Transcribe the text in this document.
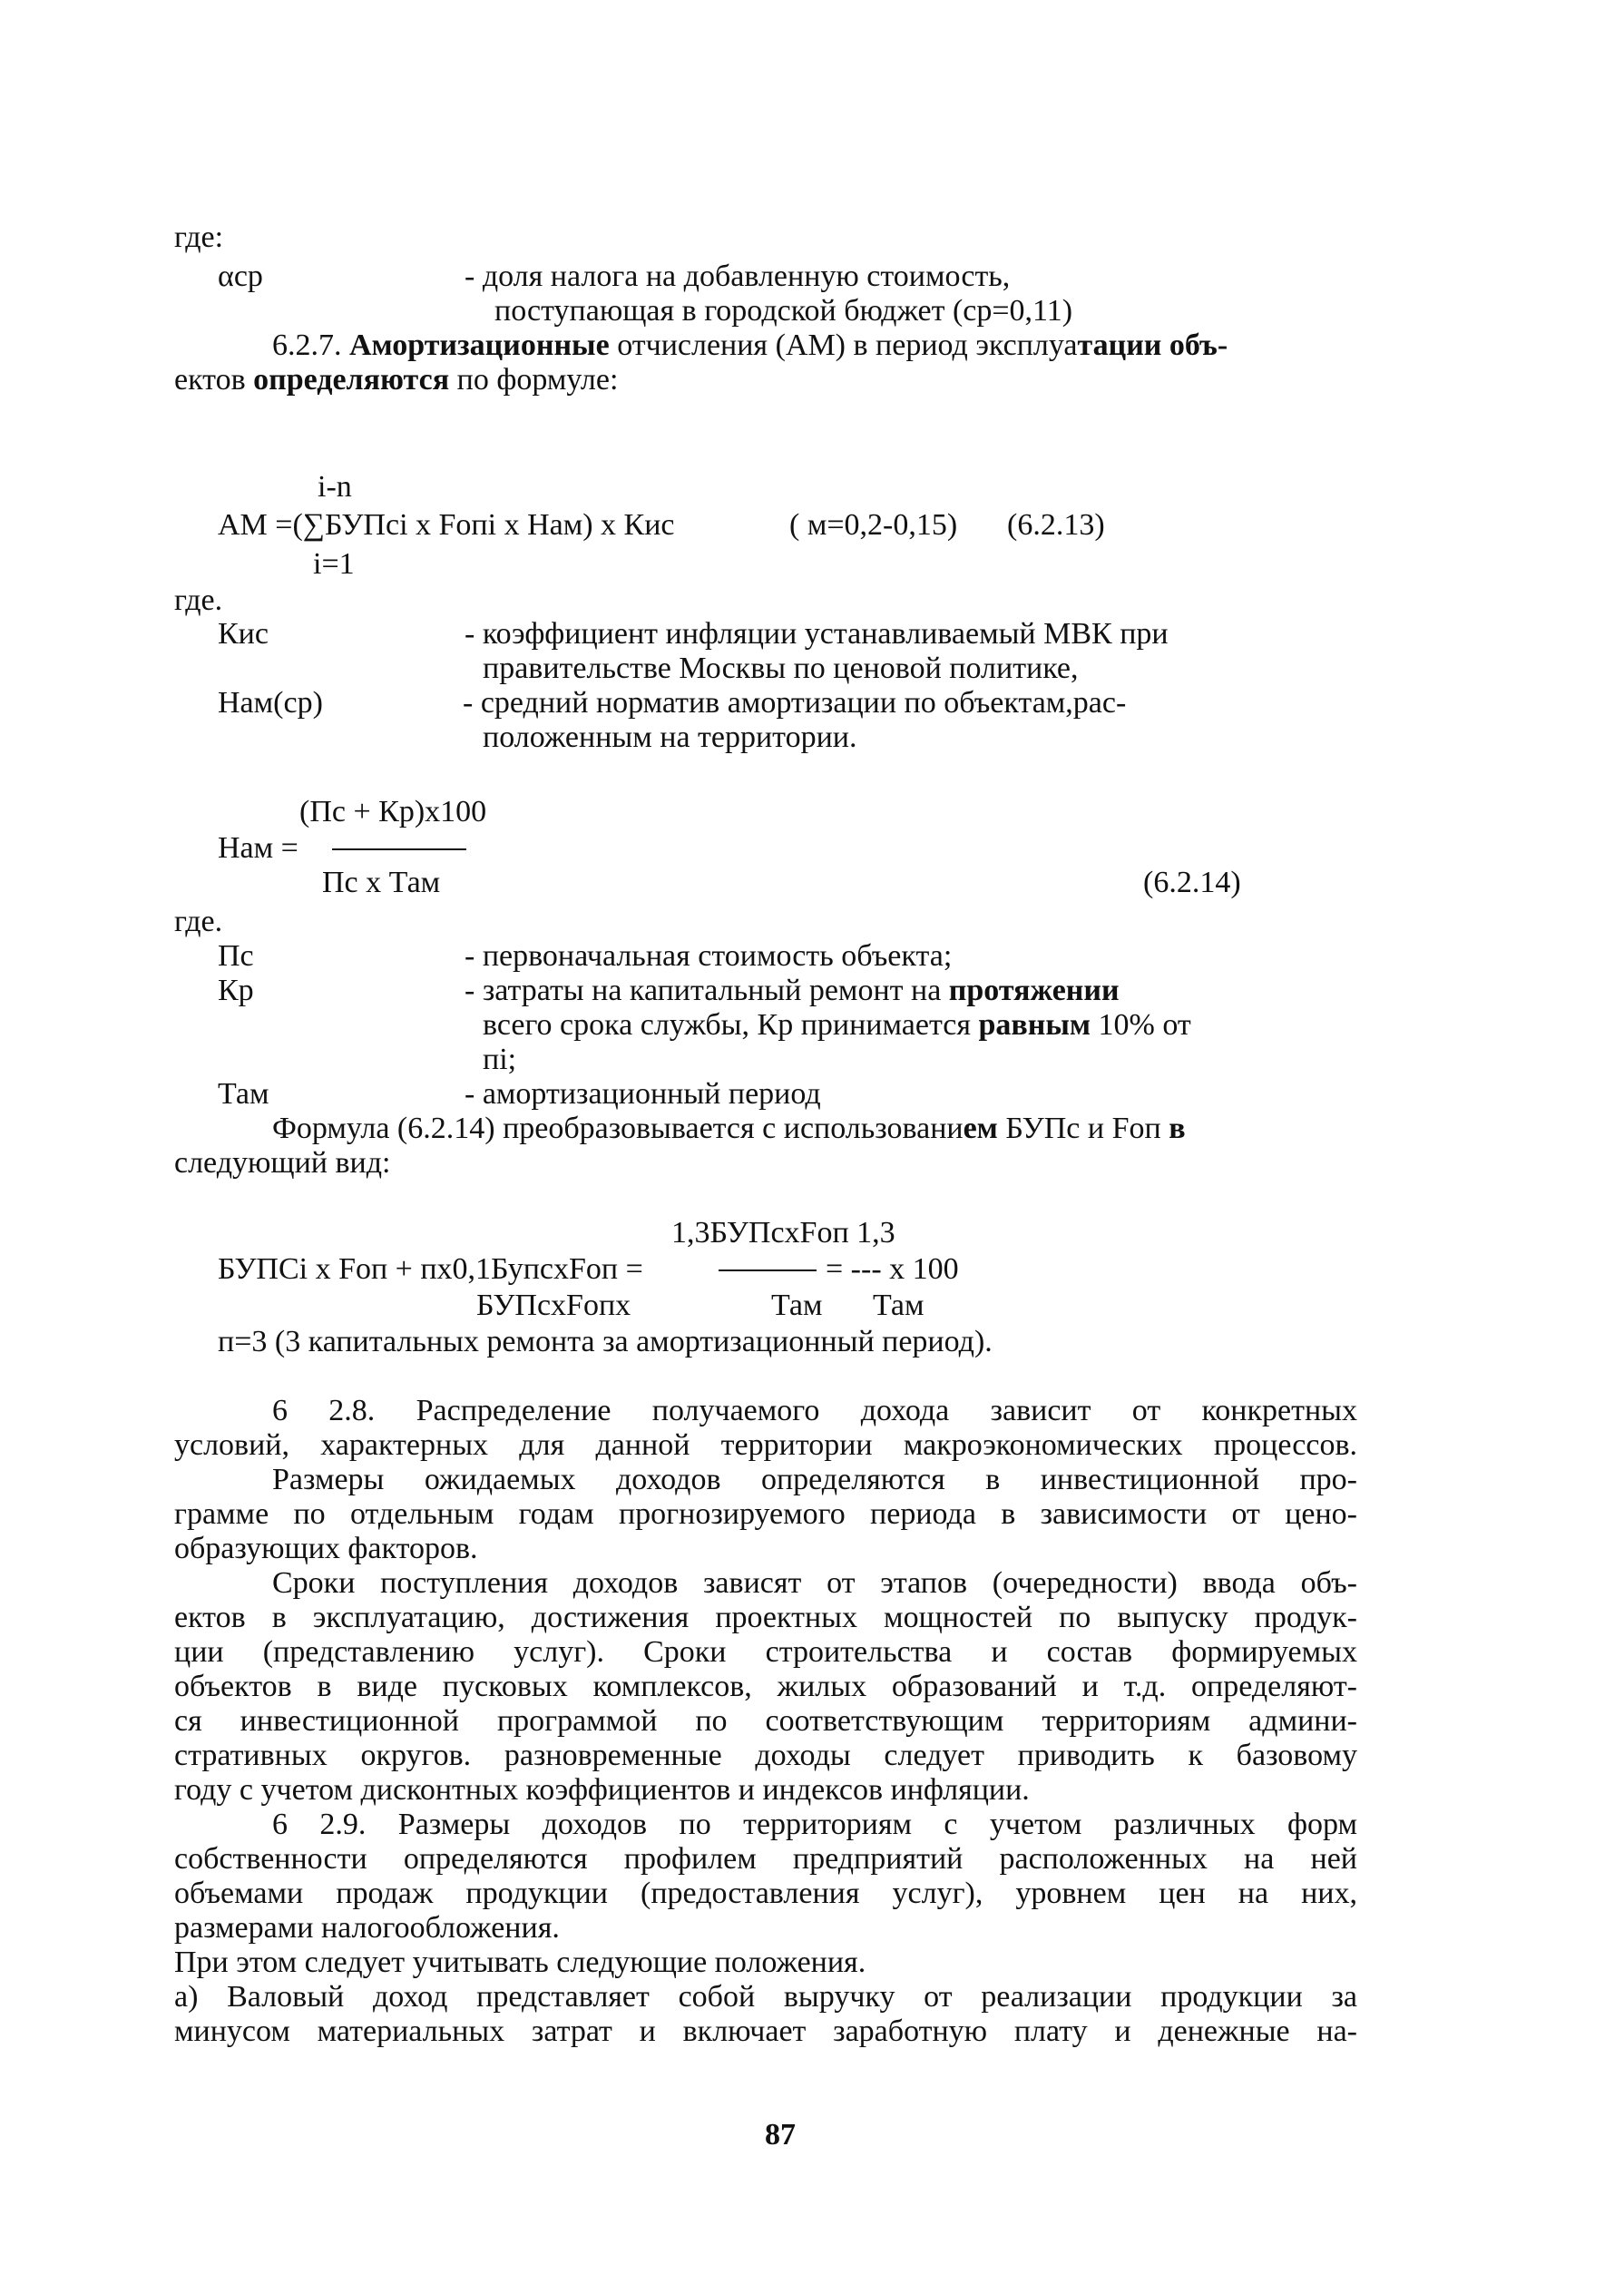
где:
αср	- доля налога на добавленную стоимость,
поступающая в городской бюджет (ср=0,11)
6.2.7. Амортизационные отчисления (АМ) в период эксплуатации объ-
ектов определяются по формуле:
i-n
АМ =(∑БУПсi x Fопi x Нам) x Кис	( м=0,2-0,15) (6.2.13)
i=1
где.
Кис	- коэффициент инфляции устанавливаемый МВК при
правительстве Москвы по ценовой политике,
Нам(ср)	- средний норматив амортизации по объектам,рас-
положенным на территории.
(Пс + Кр)x100
Нам =
Пс x Там	(6.2.14)
где.
Пс	- первоначальная стоимость объекта;
Кр	- затраты на капитальный ремонт на протяжении
всего срока службы, Кр принимается равным 10% от
пi;
Там	- амортизационный период
Формула (6.2.14) преобразовывается с использованием БУПс и Fоп в
следующий вид:
1,3БУПсxFоп 1,3
БУПСi x Fоп + пx0,1БупсxFоп =	= --- x 100
БУПсxFопx	Там Там
п=3 (3 капитальных ремонта за амортизационный период).
6 2.8. Распределение получаемого дохода зависит от конкретных
условий, характерных для данной территории макроэкономических процессов.
Размеры ожидаемых доходов определяются в инвестиционной про-
грамме по отдельным годам прогнозируемого периода в зависимости от цено-
образующих факторов.
Сроки поступления доходов зависят от этапов (очередности) ввода объ-
ектов в эксплуатацию, достижения проектных мощностей по выпуску продук-
ции (представлению услуг). Сроки строительства и состав формируемых
объектов в виде пусковых комплексов, жилых образований и т.д. определяют-
ся инвестиционной программой по соответствующим территориям админи-
стративных округов. разновременные доходы следует приводить к базовому
году с учетом дисконтных коэффициентов и индексов инфляции.
6 2.9. Размеры доходов по территориям с учетом различных форм
собственности определяются профилем предприятий расположенных на ней
объемами продаж продукции (предоставления услуг), уровнем цен на них,
размерами налогообложения.
При этом следует учитывать следующие положения.
а) Валовый доход представляет собой выручку от реализации продукции за
минусом материальных затрат и включает заработную плату и денежные на-
87
